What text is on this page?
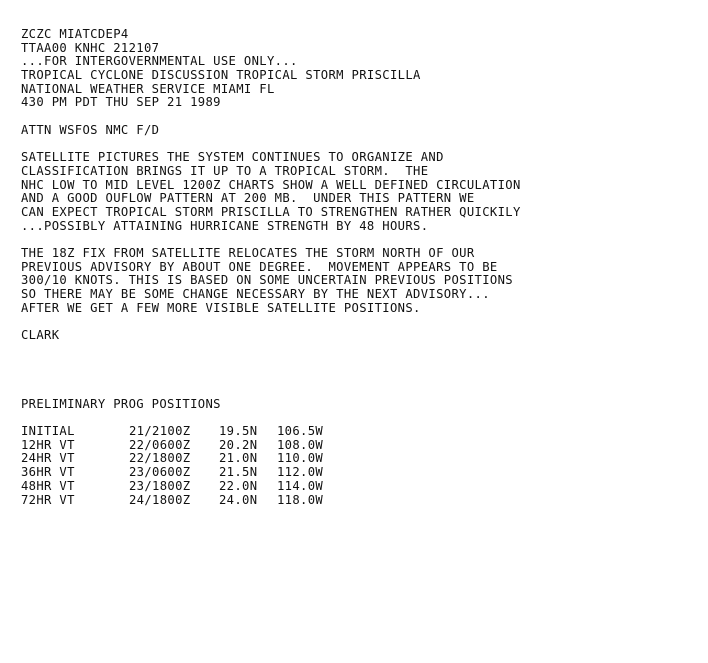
ZCZC MIATCDEP4
TTAA00 KNHC 212107
...FOR INTERGOVERNMENTAL USE ONLY...
TROPICAL CYCLONE DISCUSSION TROPICAL STORM PRISCILLA
NATIONAL WEATHER SERVICE MIAMI FL
430 PM PDT THU SEP 21 1989
ATTN WSFOS NMC F/D
SATELLITE PICTURES THE SYSTEM CONTINUES TO ORGANIZE AND
CLASSIFICATION BRINGS IT UP TO A TROPICAL STORM.  THE
NHC LOW TO MID LEVEL 1200Z CHARTS SHOW A WELL DEFINED CIRCULATION
AND A GOOD OUFLOW PATTERN AT 200 MB.  UNDER THIS PATTERN WE
CAN EXPECT TROPICAL STORM PRISCILLA TO STRENGTHEN RATHER QUICKILY
...POSSIBLY ATTAINING HURRICANE STRENGTH BY 48 HOURS.
THE 18Z FIX FROM SATELLITE RELOCATES THE STORM NORTH OF OUR
PREVIOUS ADVISORY BY ABOUT ONE DEGREE.  MOVEMENT APPEARS TO BE
300/10 KNOTS. THIS IS BASED ON SOME UNCERTAIN PREVIOUS POSITIONS
SO THERE MAY BE SOME CHANGE NECESSARY BY THE NEXT ADVISORY...
AFTER WE GET A FEW MORE VISIBLE SATELLITE POSITIONS.
CLARK
PRELIMINARY PROG POSITIONS
INITIAL	21/2100Z	19.5N	106.5W
12HR VT	22/0600Z	20.2N	108.0W
24HR VT	22/1800Z	21.0N	110.0W
36HR VT	23/0600Z	21.5N	112.0W
48HR VT	23/1800Z	22.0N	114.0W
72HR VT	24/1800Z	24.0N	118.0W
